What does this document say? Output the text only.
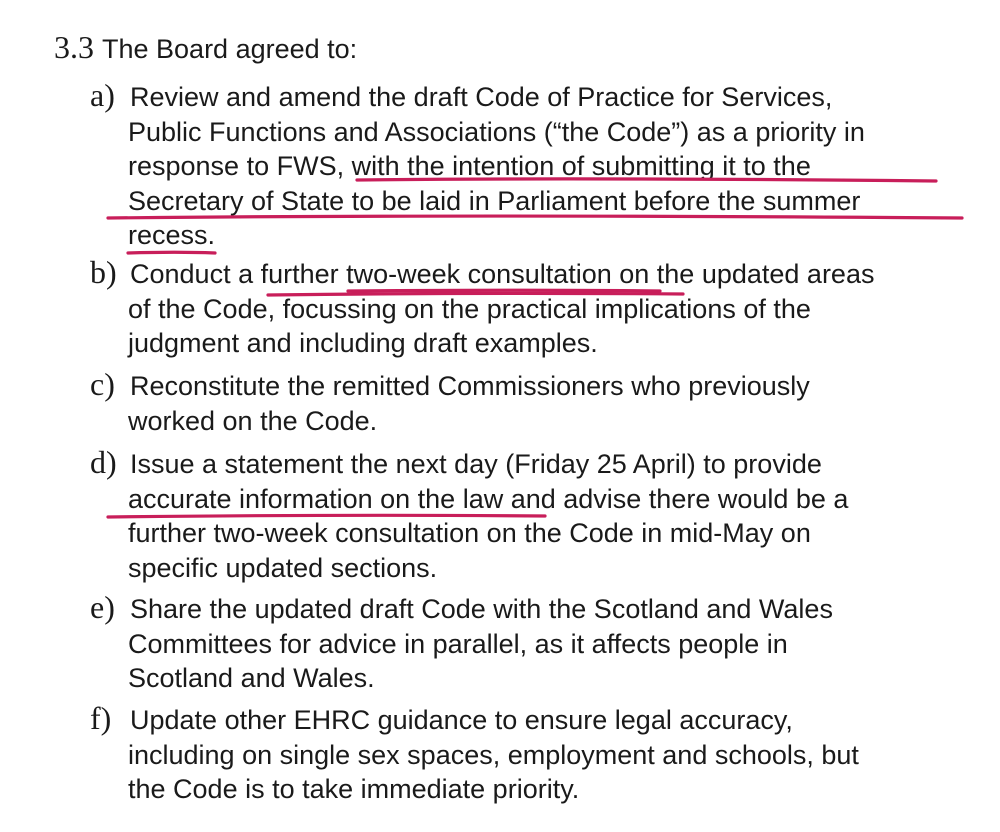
3.3 The Board agreed to:
a) Review and amend the draft Code of Practice for Services,
Public Functions and Associations (“the Code”) as a priority in
response to FWS, with the intention of submitting it to the
Secretary of State to be laid in Parliament before the summer
recess.
b) Conduct a further two-week consultation on the updated areas
of the Code, focussing on the practical implications of the
judgment and including draft examples.
c) Reconstitute the remitted Commissioners who previously
worked on the Code.
d) Issue a statement the next day (Friday 25 April) to provide
accurate information on the law and advise there would be a
further two-week consultation on the Code in mid-May on
specific updated sections.
e) Share the updated draft Code with the Scotland and Wales
Committees for advice in parallel, as it affects people in
Scotland and Wales.
f) Update other EHRC guidance to ensure legal accuracy,
including on single sex spaces, employment and schools, but
the Code is to take immediate priority.
